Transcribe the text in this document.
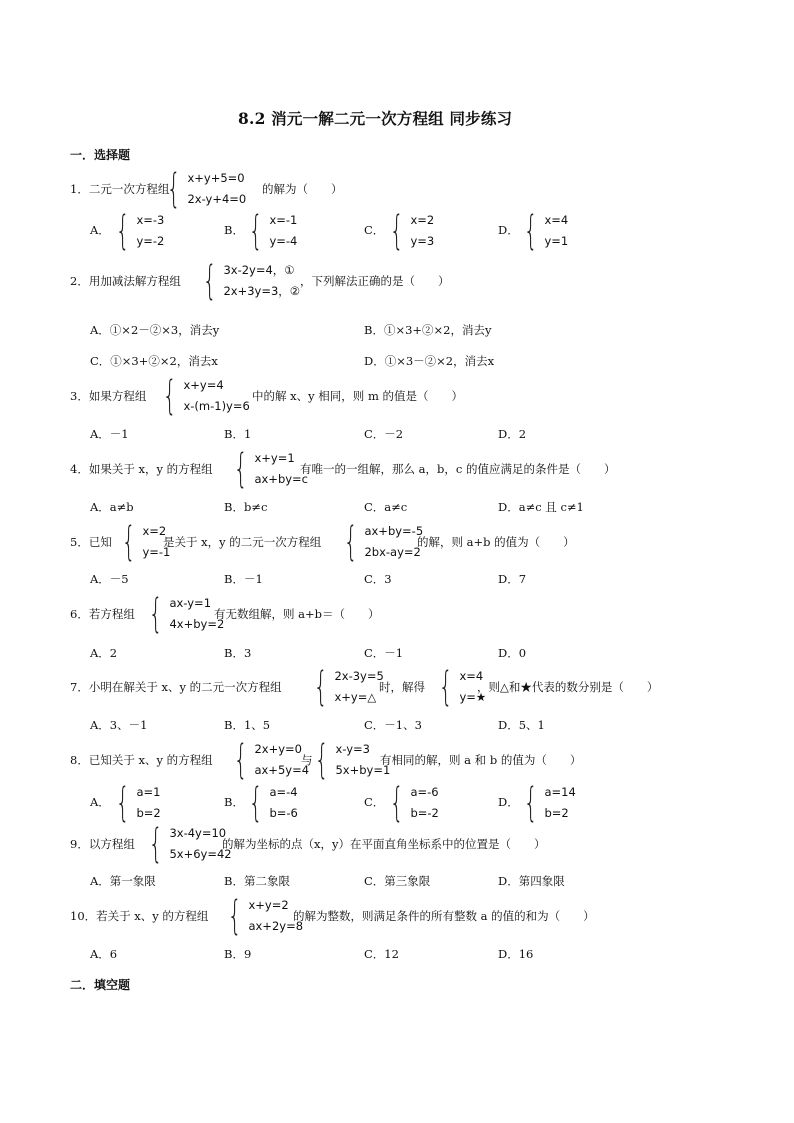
8.2 消元一解二元一次方程组 同步练习
一．选择题
1．二元一次方程组
{ x+y+5=0
2x-y+4=0
的解为（　　）
A． { x=-3
y=-2
B． { x=-1
y=-4
C． { x=2
y=3
D． { x=4
y=1
2．用加减法解方程组 { 3x-2y=4，①
2x+3y=3，②
，下列解法正确的是（　　）
A．①×2－②×3，消去y	B．①×3+②×2，消去y
C．①×3+②×2，消去x	D．①×3－②×2，消去x
3．如果方程组 { x+y=4
x-(m-1)y=6
中的解 x、y 相同，则 m 的值是（　　）
A．－1	B．1	C．－2	D．2
4．如果关于 x，y 的方程组 { x+y=1
ax+by=c
有唯一的一组解，那么 a，b，c 的值应满足的条件是（　　）
A．a≠b	B．b≠c	C．a≠c	D．a≠c 且 c≠1
5．已知 { x=2
y=-1
是关于 x，y 的二元一次方程组 { ax+by=-5
2bx-ay=2
的解，则 a+b 的值为（　　）
A．－5	B．－1	C．3	D．7
6．若方程组 { ax-y=1
4x+by=2
有无数组解，则 a+b＝（　　）
A．2	B．3	C．－1	D．0
7．小明在解关于 x、y 的二元一次方程组 { 2x-3y=5
x+y=△
时，解得 { x=4
y=★
，则△和★代表的数分别是（　　）
A．3、－1	B．1、5	C．－1、3	D．5、1
8．已知关于 x、y 的方程组 { 2x+y=0
ax+5y=4
与 { x-y=3
5x+by=1
有相同的解，则 a 和 b 的值为（　　）
A． { a=1
b=2
B． { a=-4
b=-6
C． { a=-6
b=-2
D． { a=14
b=2
9．以方程组 { 3x-4y=10
5x+6y=42
的解为坐标的点（x，y）在平面直角坐标系中的位置是（　　）
A．第一象限	B．第二象限	C．第三象限	D．第四象限
10．若关于 x、y 的方程组 { x+y=2
ax+2y=8
的解为整数，则满足条件的所有整数 a 的值的和为（　　）
A．6	B．9	C．12	D．16
二．填空题
